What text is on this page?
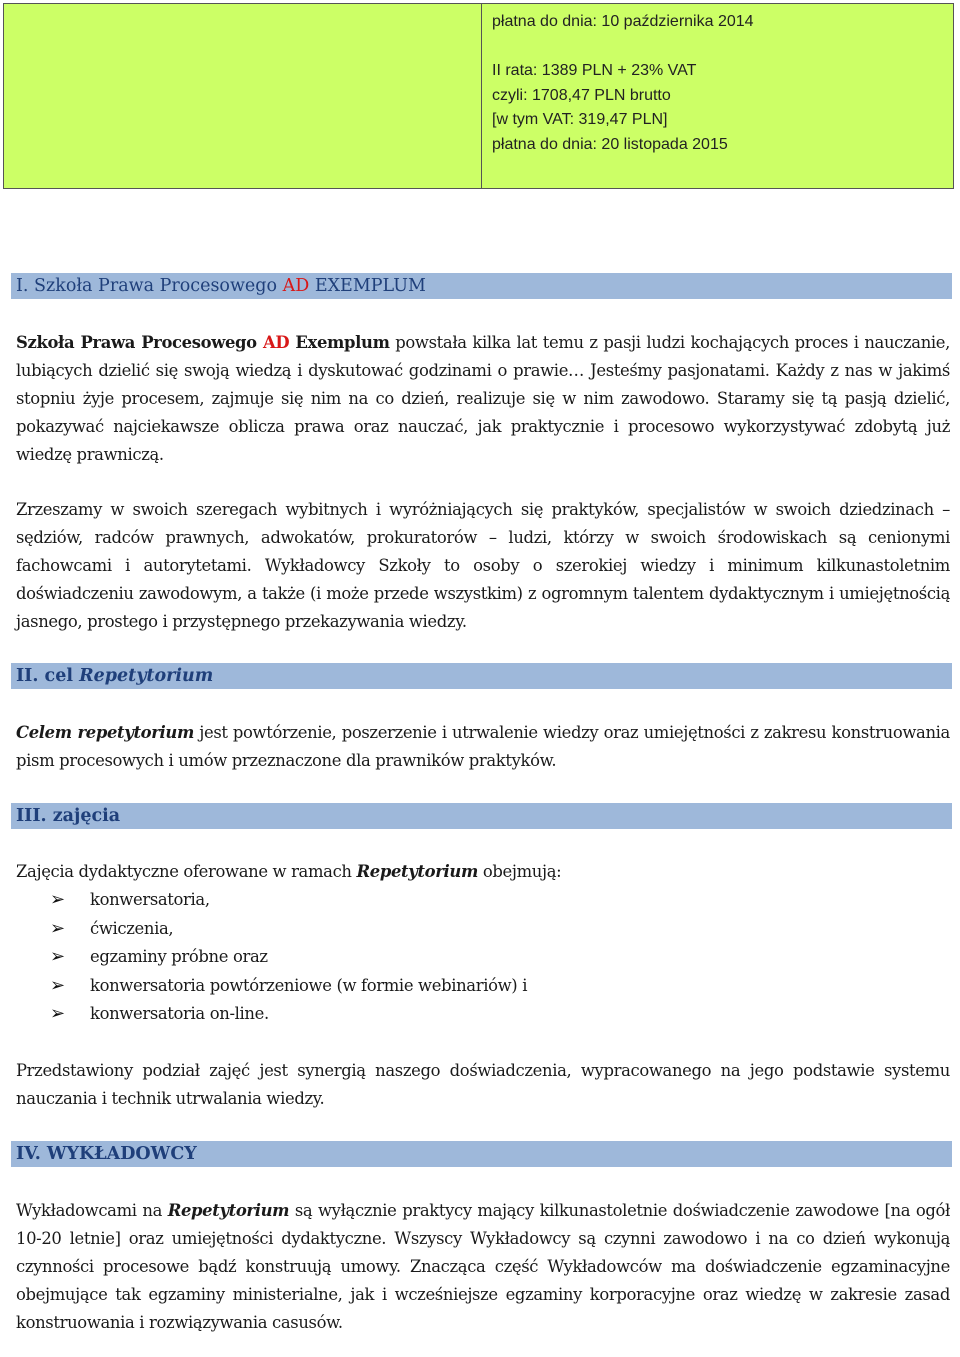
płatna do dnia: 10 października 2014
II rata: 1389 PLN + 23% VAT
czyli: 1708,47 PLN brutto
[w tym VAT: 319,47 PLN]
płatna do dnia: 20 listopada 2015
I. Szkoła Prawa Procesowego AD EXEMPLUM

Szkoła Prawa Procesowego AD Exemplum powstała kilka lat temu z pasji ludzi kochających proces i nauczanie, lubiących dzielić się swoją wiedzą i dyskutować godzinami o prawie… Jesteśmy pasjonatami. Każdy z nas w jakimś stopniu żyje procesem, zajmuje się nim na co dzień, realizuje się w nim zawodowo. Staramy się tą pasją dzielić, pokazywać najciekawsze oblicza prawa oraz nauczać, jak praktycznie i procesowo wykorzystywać zdobytą już wiedzę prawniczą.

Zrzeszamy w swoich szeregach wybitnych i wyróżniających się praktyków, specjalistów w swoich dziedzinach – sędziów, radców prawnych, adwokatów, prokuratorów – ludzi, którzy w swoich środowiskach są cenionymi fachowcami i autorytetami. Wykładowcy Szkoły to osoby o szerokiej wiedzy i minimum kilkunastoletnim doświadczeniu zawodowym, a także (i może przede wszystkim) z ogromnym talentem dydaktycznym i umiejętnością jasnego, prostego i przystępnego przekazywania wiedzy.

II. cel Repetytorium

Celem repetytorium jest powtórzenie, poszerzenie i utrwalenie wiedzy oraz umiejętności z zakresu konstruowania pism procesowych i umów przeznaczone dla prawników praktyków.

III. zajęcia

Zajęcia dydaktyczne oferowane w ramach Repetytorium obejmują:

➢	konwersatoria,
➢	ćwiczenia,
➢	egzaminy próbne oraz
➢	konwersatoria powtórzeniowe (w formie webinariów) i
➢	konwersatoria on-line.

Przedstawiony podział zajęć jest synergią naszego doświadczenia, wypracowanego na jego podstawie systemu nauczania i technik utrwalania wiedzy.

IV. WYKŁADOWCY

Wykładowcami na Repetytorium są wyłącznie praktycy mający kilkunastoletnie doświadczenie zawodowe [na ogół 10-20 letnie] oraz umiejętności dydaktyczne. Wszyscy Wykładowcy są czynni zawodowo i na co dzień wykonują czynności procesowe bądź konstruują umowy. Znacząca część Wykładowców ma doświadczenie egzaminacyjne obejmujące tak egzaminy ministerialne, jak i wcześniejsze egzaminy korporacyjne oraz wiedzę w zakresie zasad konstruowania i rozwiązywania casusów.
